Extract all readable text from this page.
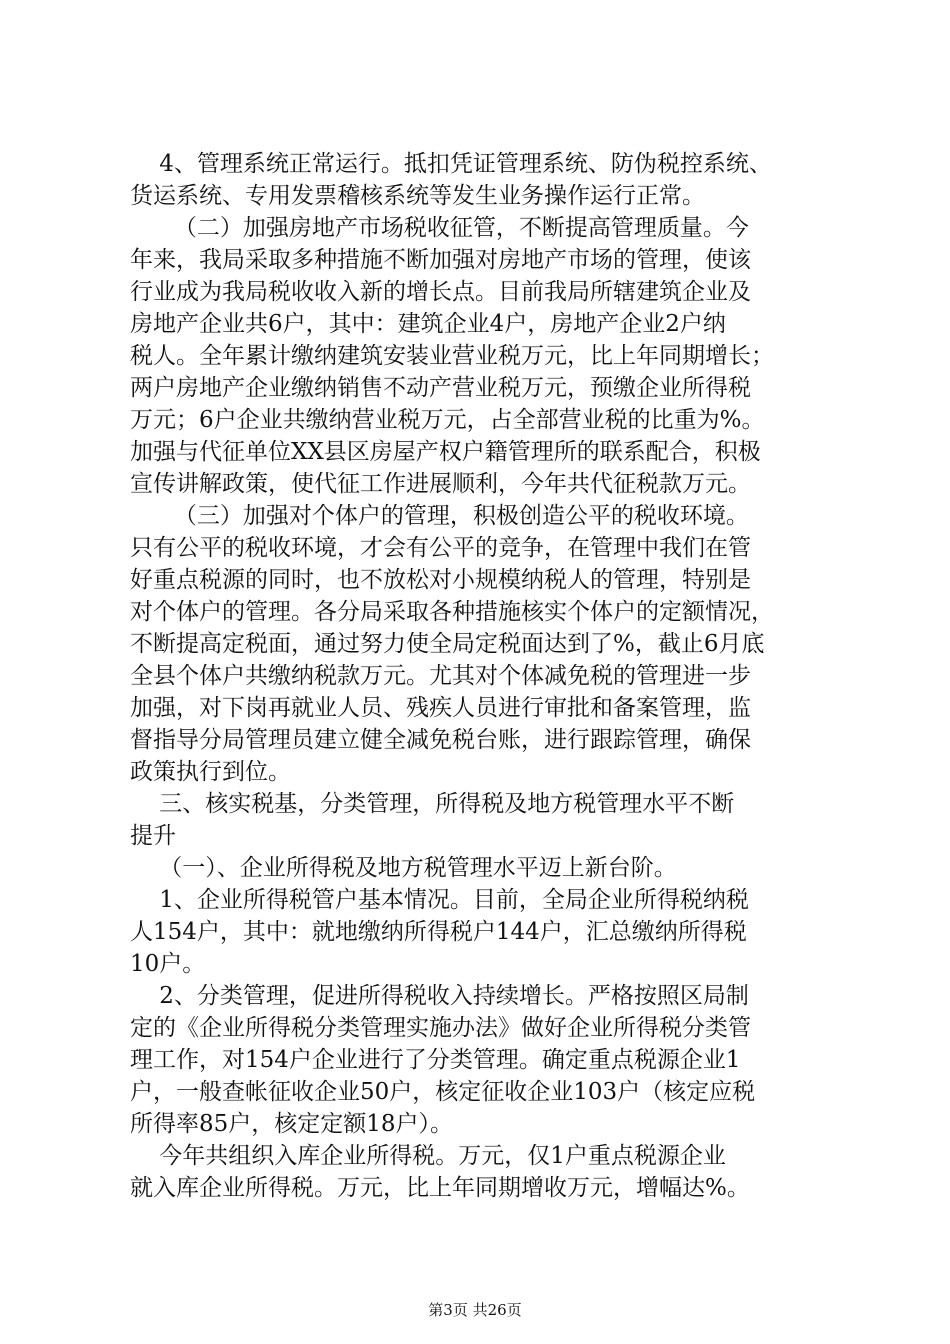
4、管理系统正常运行。抵扣凭证管理系统、防伪税控系统、
货运系统、专用发票稽核系统等发生业务操作运行正常。
（二）加强房地产市场税收征管，不断提高管理质量。今
年来，我局采取多种措施不断加强对房地产市场的管理，使该
行业成为我局税收收入新的增长点。目前我局所辖建筑企业及
房地产企业共6户，其中：建筑企业4户，房地产企业2户纳
税人。全年累计缴纳建筑安装业营业税万元，比上年同期增长；
两户房地产企业缴纳销售不动产营业税万元，预缴企业所得税
万元；6户企业共缴纳营业税万元，占全部营业税的比重为%。
加强与代征单位XX县区房屋产权户籍管理所的联系配合，积极
宣传讲解政策，使代征工作进展顺利，今年共代征税款万元。
（三）加强对个体户的管理，积极创造公平的税收环境。
只有公平的税收环境，才会有公平的竞争，在管理中我们在管
好重点税源的同时，也不放松对小规模纳税人的管理，特别是
对个体户的管理。各分局采取各种措施核实个体户的定额情况，
不断提高定税面，通过努力使全局定税面达到了%，截止6月底
全县个体户共缴纳税款万元。尤其对个体减免税的管理进一步
加强，对下岗再就业人员、残疾人员进行审批和备案管理，监
督指导分局管理员建立健全减免税台账，进行跟踪管理，确保
政策执行到位。
三、核实税基，分类管理，所得税及地方税管理水平不断
提升
（一）、企业所得税及地方税管理水平迈上新台阶。
1、企业所得税管户基本情况。目前，全局企业所得税纳税
人154户，其中：就地缴纳所得税户144户，汇总缴纳所得税
10户。
2、分类管理，促进所得税收入持续增长。严格按照区局制
定的《企业所得税分类管理实施办法》做好企业所得税分类管
理工作，对154户企业进行了分类管理。确定重点税源企业1
户，一般查帐征收企业50户，核定征收企业103户（核定应税
所得率85户，核定定额18户）。
今年共组织入库企业所得税。万元，仅1户重点税源企业
就入库企业所得税。万元，比上年同期增收万元，增幅达%。
第3页 共26页
